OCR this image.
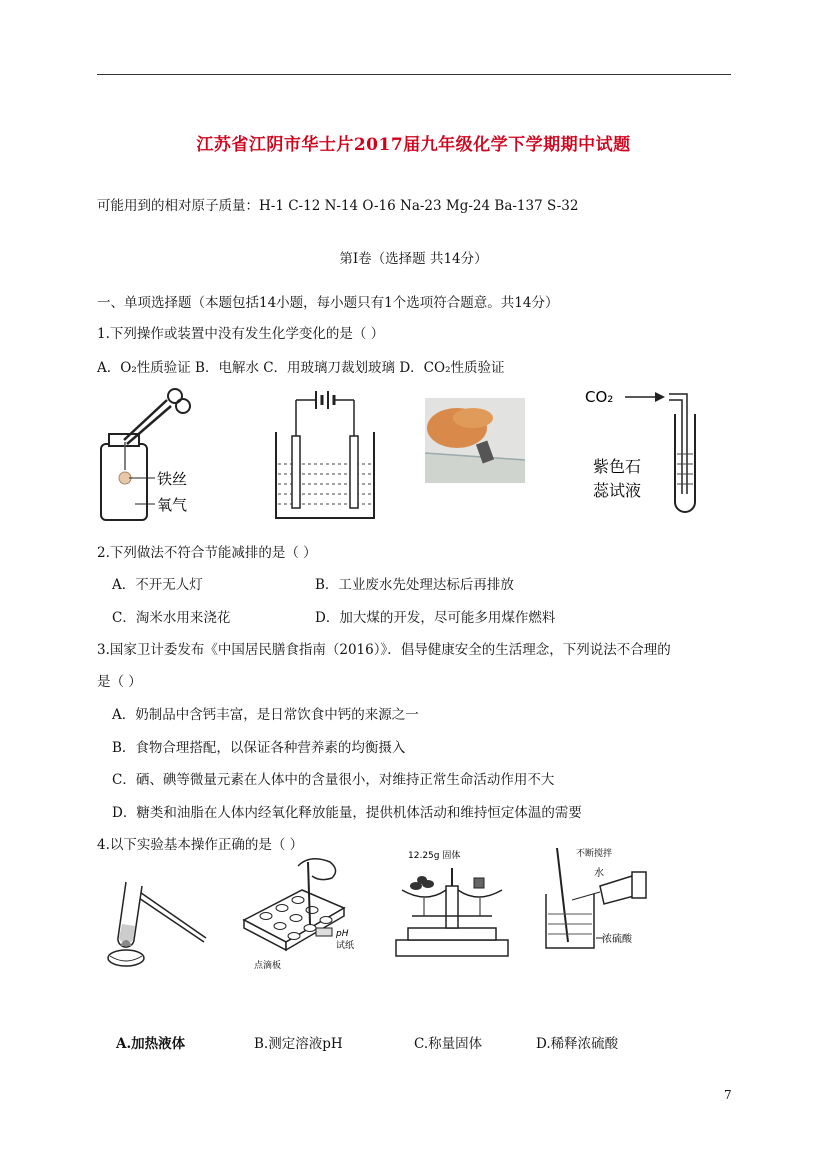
江苏省江阴市华士片2017届九年级化学下学期期中试题
可能用到的相对原子质量：H-1 C-12 N-14 O-16 Na-23 Mg-24 Ba-137 S-32
第Ⅰ卷（选择题 共14分）
一、单项选择题（本题包括14小题，每小题只有1个选项符合题意。共14分）
1.下列操作或装置中没有发生化学变化的是（ ）
A．O₂性质验证 B．电解水 C．用玻璃刀裁划玻璃 D．CO₂性质验证
铁丝
氧气
CO₂
紫色石
蕊试液
2.下列做法不符合节能减排的是（ ）
A．不开无人灯	B．工业废水先处理达标后再排放
C．淘米水用来浇花	D．加大煤的开发，尽可能多用煤作燃料
3.国家卫计委发布《中国居民膳食指南（2016）》．倡导健康安全的生活理念，下列说法不合理的
是（ ）
A．奶制品中含钙丰富，是日常饮食中钙的来源之一
B．食物合理搭配，以保证各种营养素的均衡摄入
C．硒、碘等微量元素在人体中的含量很小，对维持正常生命活动作用不大
D．糖类和油脂在人体内经氧化释放能量，提供机体活动和维持恒定体温的需要
4.以下实验基本操作正确的是（ ）
pH
试纸
点滴板
12.25g 固体	不断搅拌
水
浓硫酸
A.加热液体	B.测定溶液pH	C.称量固体	D.稀释浓硫酸
7
